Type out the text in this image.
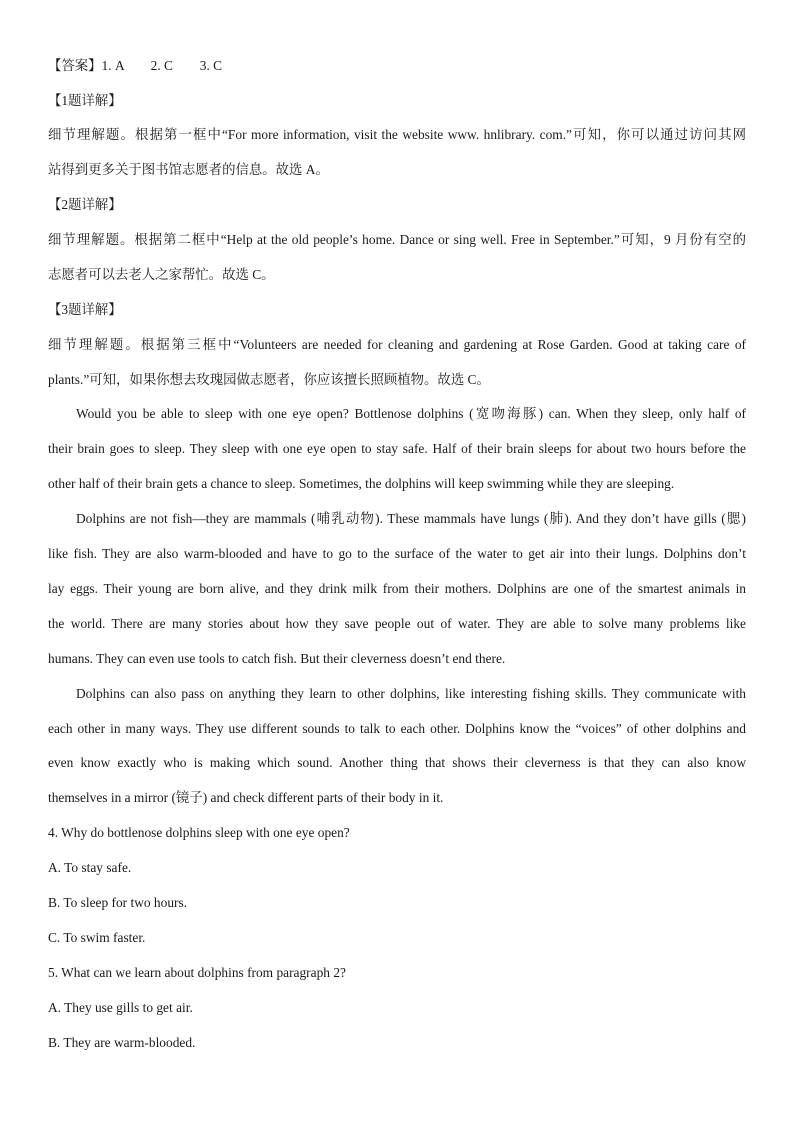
【答案】1. A　　2. C　　3. C
【1题详解】
细节理解题。根据第一框中“For more information, visit the website www. hnlibrary. com.”可知，你可以通过访问其网
站得到更多关于图书馆志愿者的信息。故选 A。
【2题详解】
细节理解题。根据第二框中“Help at the old people’s home. Dance or sing well. Free in September.”可知，9 月份有空的
志愿者可以去老人之家帮忙。故选 C。
【3题详解】
细节理解题。根据第三框中“Volunteers are needed for cleaning and gardening at Rose Garden. Good at taking care of
plants.”可知，如果你想去玫瑰园做志愿者，你应该擅长照顾植物。故选 C。
Would you be able to sleep with one eye open? Bottlenose dolphins (宽吻海豚) can. When they sleep, only half of
their brain goes to sleep. They sleep with one eye open to stay safe. Half of their brain sleeps for about two hours before the
other half of their brain gets a chance to sleep. Sometimes, the dolphins will keep swimming while they are sleeping.
Dolphins are not fish—they are mammals (哺乳动物). These mammals have lungs (肺). And they don’t have gills (腮)
like fish. They are also warm-blooded and have to go to the surface of the water to get air into their lungs. Dolphins don’t
lay eggs. Their young are born alive, and they drink milk from their mothers. Dolphins are one of the smartest animals in
the world. There are many stories about how they save people out of water. They are able to solve many problems like
humans. They can even use tools to catch fish. But their cleverness doesn’t end there.
Dolphins can also pass on anything they learn to other dolphins, like interesting fishing skills. They communicate with
each other in many ways. They use different sounds to talk to each other. Dolphins know the “voices” of other dolphins and
even know exactly who is making which sound. Another thing that shows their cleverness is that they can also know
themselves in a mirror (镜子) and check different parts of their body in it.
4. Why do bottlenose dolphins sleep with one eye open?
A. To stay safe.
B. To sleep for two hours.
C. To swim faster.
5. What can we learn about dolphins from paragraph 2?
A. They use gills to get air.
B. They are warm-blooded.
